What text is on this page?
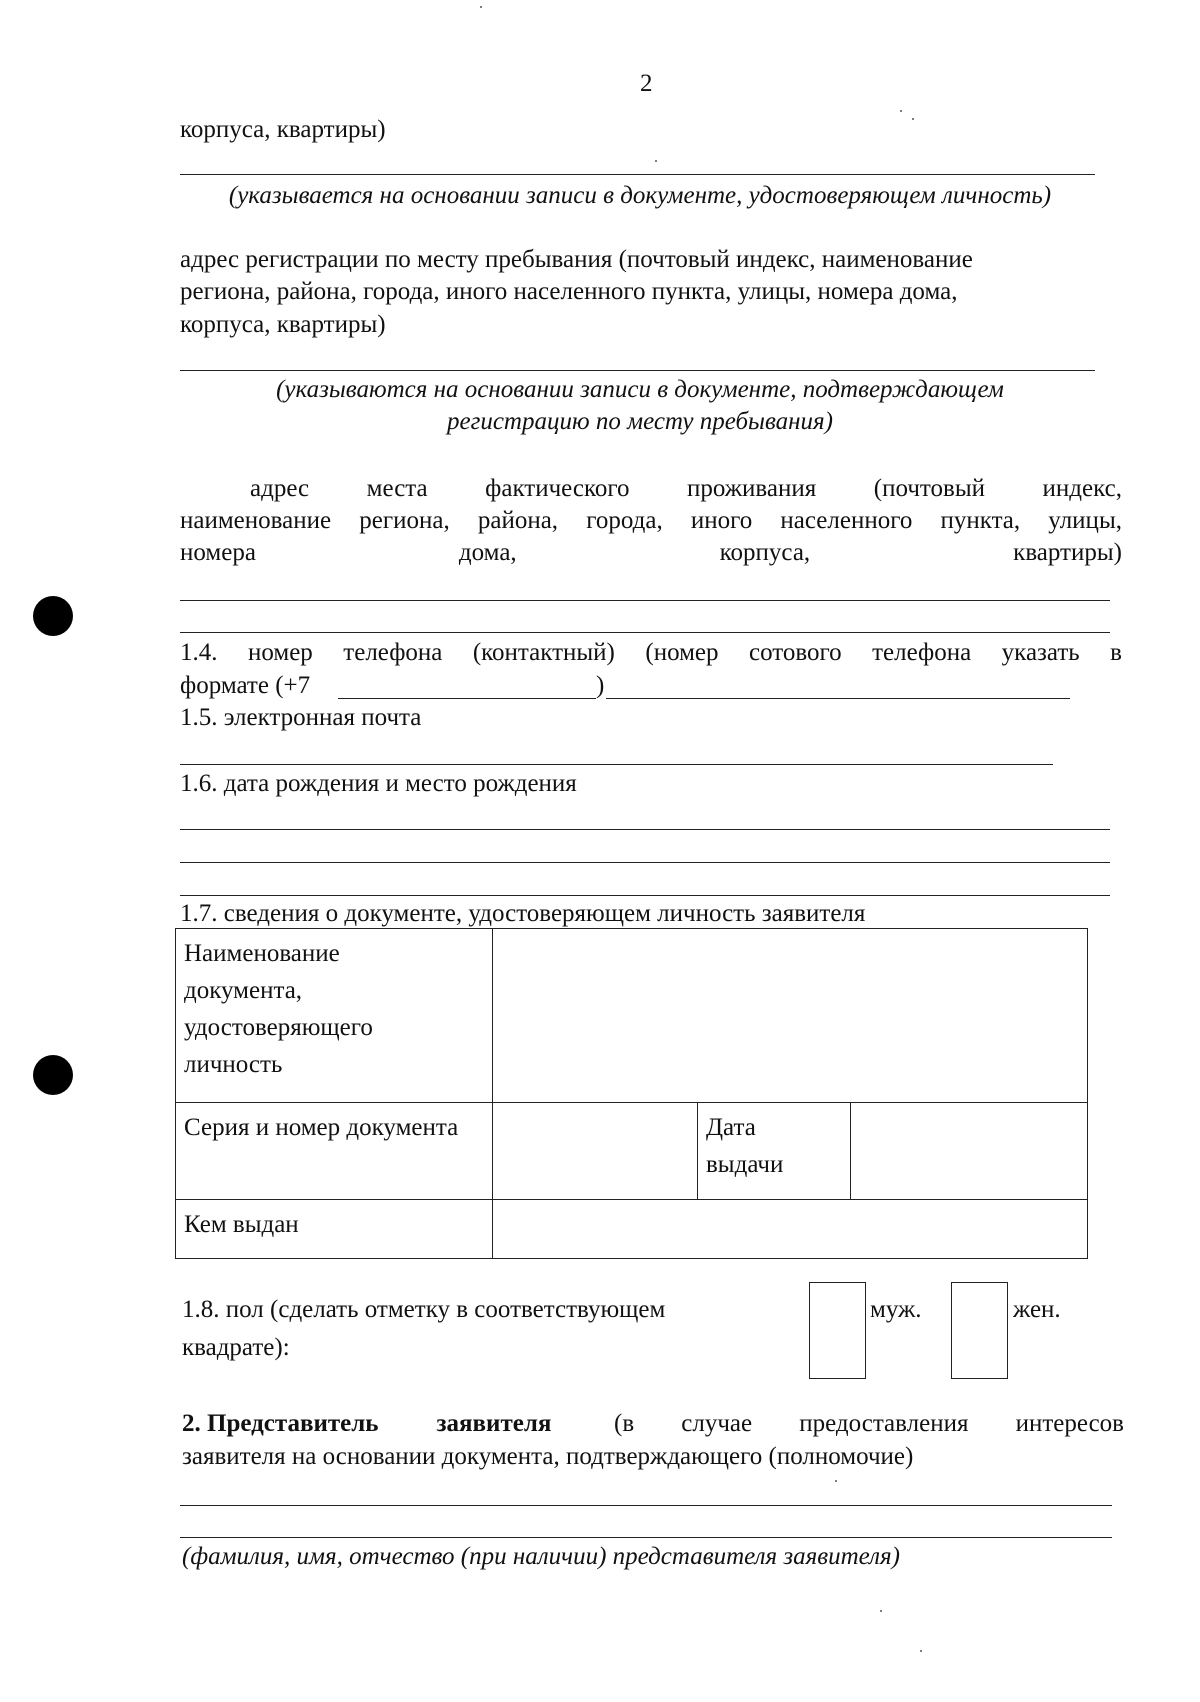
2
корпуса, квартиры)
(указывается на основании записи в документе, удостоверяющем личность)
адрес регистрации по месту пребывания (почтовый индекс, наименование
региона, района, города, иного населенного пункта, улицы, номера дома,
корпуса, квартиры)
(указываются на основании записи в документе, подтверждающем
регистрацию по месту пребывания)
адрес места фактического проживания (почтовый индекс,
наименование региона, района, города, иного населенного пункта, улицы,
номера дома, корпуса, квартиры)
1.4. номер телефона (контактный) (номер сотового телефона указать в
формате (+7	)
1.5. электронная почта
1.6. дата рождения и место рождения
1.7. сведения о документе, удостоверяющем личность заявителя
Наименование
документа,
удостоверяющего
личность			

Серия и номер документа		Дата
выдачи	

Кем выдан			
1.8. пол (сделать отметку в соответствующем
квадрате):
муж.	жен.
2. Представитель заявителя	(в случае предоставления интересов
заявителя на основании документа, подтверждающего (полномочие)
(фамилия, имя, отчество (при наличии) представителя заявителя)
